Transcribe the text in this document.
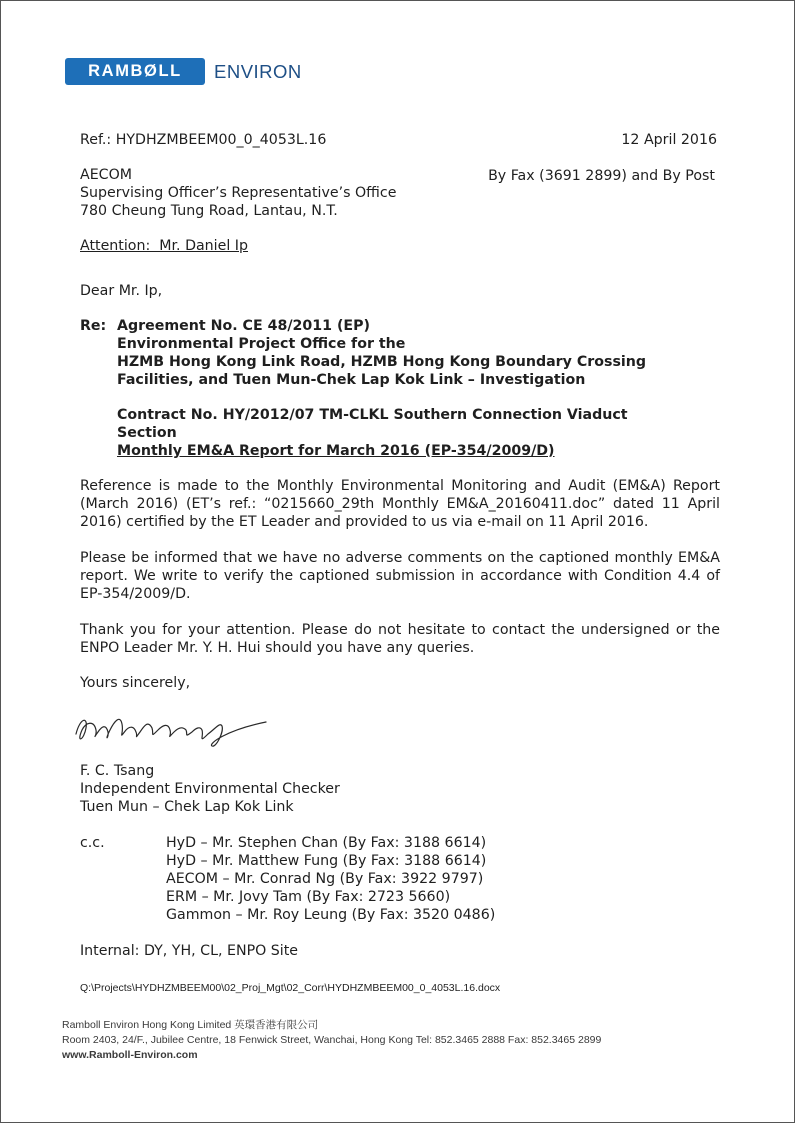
RAMBØLL	ENVIRON
Ref.: HYDHZMBEEM00_0_4053L.16	12 April 2016
AECOM
Supervising Officer’s Representative’s Office
780 Cheung Tung Road, Lantau, N.T.
By Fax (3691 2899) and By Post
Attention:  Mr. Daniel Ip
Dear Mr. Ip,
Re: Agreement No. CE 48/2011 (EP)
Environmental Project Office for the
HZMB Hong Kong Link Road, HZMB Hong Kong Boundary Crossing
Facilities, and Tuen Mun-Chek Lap Kok Link – Investigation
Contract No. HY/2012/07 TM-CLKL Southern Connection Viaduct
Section
Monthly EM&A Report for March 2016 (EP-354/2009/D)
Reference is made to the Monthly Environmental Monitoring and Audit (EM&A) Report (March 2016) (ET’s ref.: “0215660_29th Monthly EM&A_20160411.doc” dated 11 April 2016) certified by the ET Leader and provided to us via e-mail on 11 April 2016.
Please be informed that we have no adverse comments on the captioned monthly EM&A report. We write to verify the captioned submission in accordance with Condition 4.4 of EP-354/2009/D.
Thank you for your attention. Please do not hesitate to contact the undersigned or the ENPO Leader Mr. Y. H. Hui should you have any queries.
Yours sincerely,
F. C. Tsang
Independent Environmental Checker
Tuen Mun – Chek Lap Kok Link
c.c.	HyD – Mr. Stephen Chan (By Fax: 3188 6614)
HyD – Mr. Matthew Fung (By Fax: 3188 6614)
AECOM – Mr. Conrad Ng (By Fax: 3922 9797)
ERM – Mr. Jovy Tam (By Fax: 2723 5660)
Gammon – Mr. Roy Leung (By Fax: 3520 0486)
Internal: DY, YH, CL, ENPO Site
Q:\Projects\HYDHZMBEEM00\02_Proj_Mgt\02_Corr\HYDHZMBEEM00_0_4053L.16.docx
Ramboll Environ Hong Kong Limited 英環香港有限公司
Room 2403, 24/F., Jubilee Centre, 18 Fenwick Street, Wanchai, Hong Kong Tel: 852.3465 2888 Fax: 852.3465 2899
www.Ramboll-Environ.com
